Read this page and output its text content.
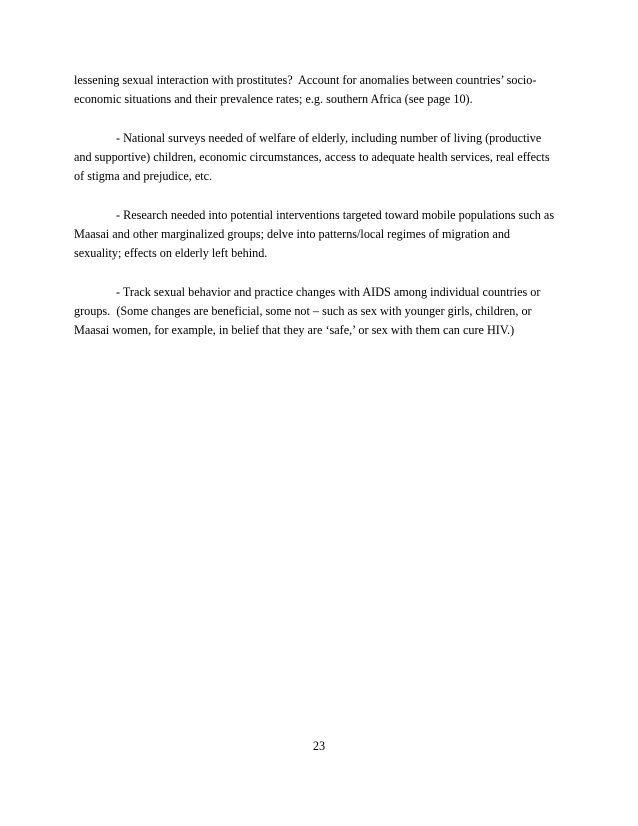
lessening sexual interaction with prostitutes?  Account for anomalies between countries’ socio-
economic situations and their prevalence rates; e.g. southern Africa (see page 10).

- National surveys needed of welfare of elderly, including number of living (productive
and supportive) children, economic circumstances, access to adequate health services, real effects
of stigma and prejudice, etc.

- Research needed into potential interventions targeted toward mobile populations such as
Maasai and other marginalized groups; delve into patterns/local regimes of migration and
sexuality; effects on elderly left behind.

- Track sexual behavior and practice changes with AIDS among individual countries or
groups.  (Some changes are beneficial, some not – such as sex with younger girls, children, or
Maasai women, for example, in belief that they are ‘safe,’ or sex with them can cure HIV.)

23
